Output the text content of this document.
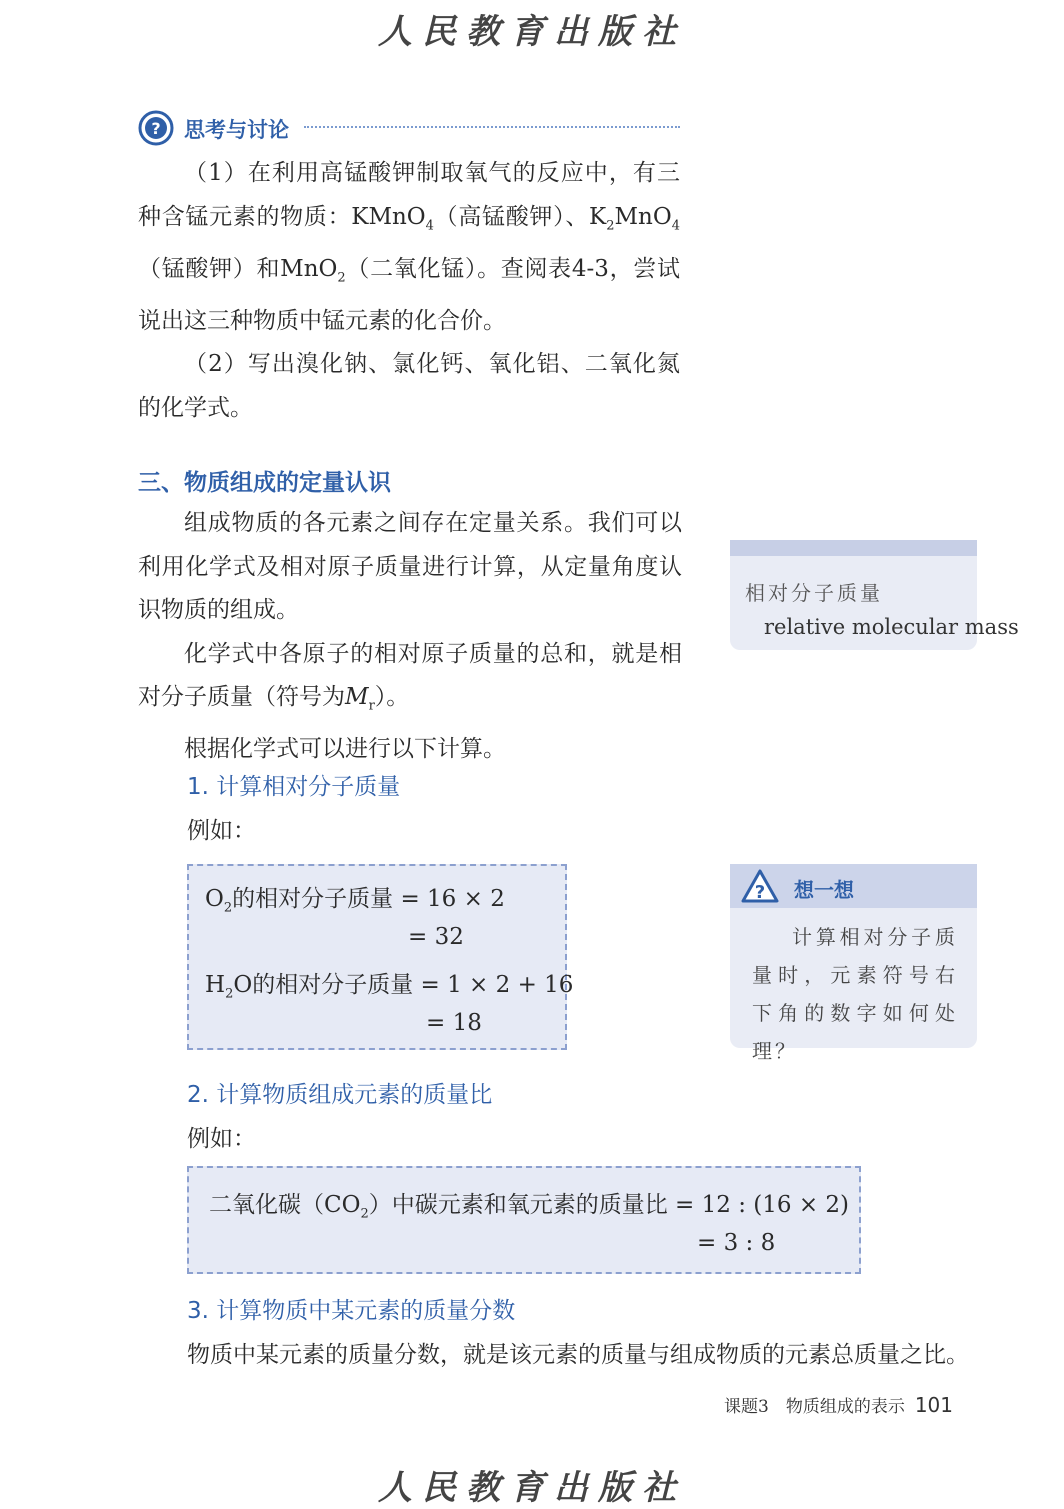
人民教育出版社
? 思考与讨论

（1）在利用高锰酸钾制取氧气的反应中，有三种含锰元素的物质：KMnO$_4$（高锰酸钾）、$K_2MnO_4$（锰酸钾）和MnO$_2$（二氧化锰）。查阅表4-3，尝试说出这三种物质中锰元素的化合价。

（2）写出溴化钠、氯化钙、氧化铝、二氧化氮的化学式。

三、物质组成的定量认识

组成物质的各元素之间存在定量关系。我们可以利用化学式及相对原子质量进行计算，从定量角度认识物质的组成。

化学式中各原子的相对原子质量的总和，就是相对分子质量（符号为$M_r$）。

根据化学式可以进行以下计算。

1. 计算相对分子质量
例如：
$O_2$的相对分子质量 = 16 × 2
= 32
$H_2O$的相对分子质量 = 1 × 2 + 16
= 18
2. 计算物质组成元素的质量比
例如：
二氧化碳$(CO_2)$中碳元素和氧元素的质量比 = 12 : (16 × 2)
= 3 : 8
3. 计算物质中某元素的质量分数
物质中某元素的质量分数，就是该元素的质量与组成物质的元素总质量之比。
相对分子质量
relative molecular mass
? 想一想

计算相对分子质量时，元素符号右下角的数字如何处理？

课题3　物质组成的表示 101
人民教育出版社
